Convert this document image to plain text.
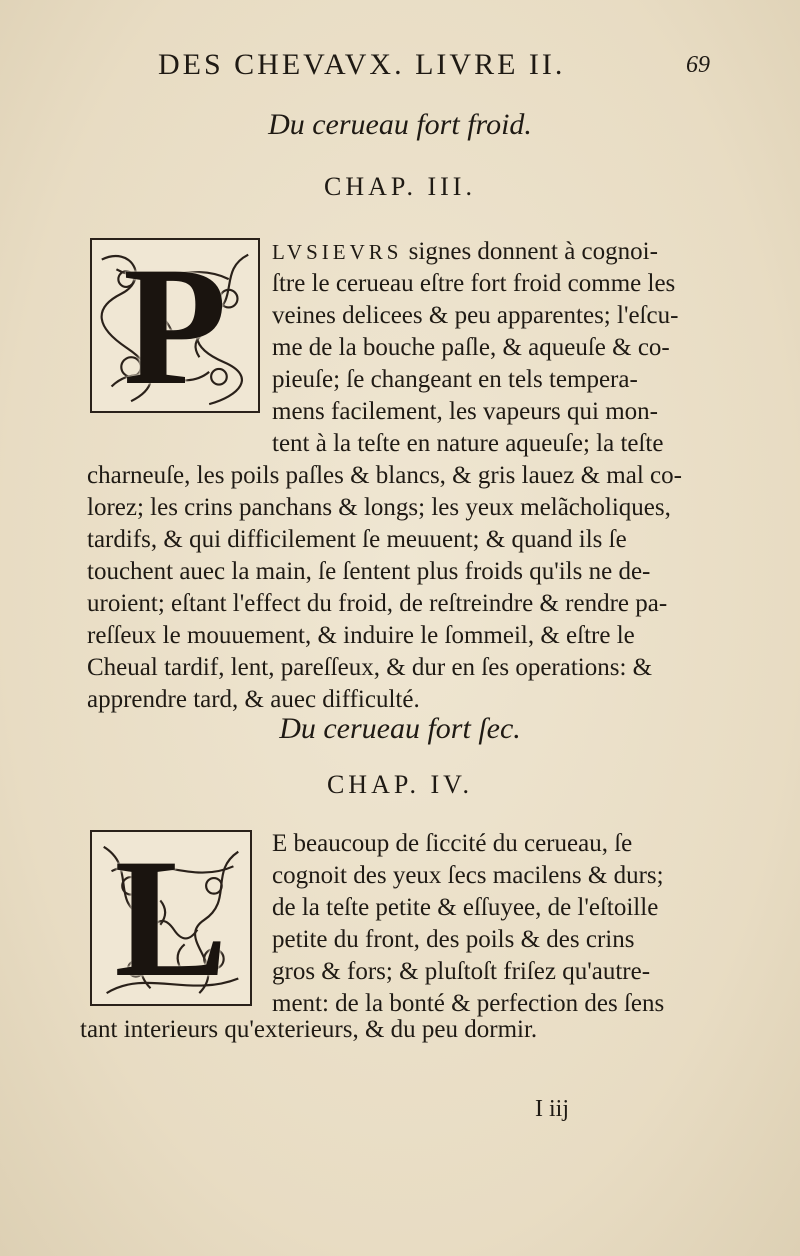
DES CHEVAVX. LIVRE II.	69
Du cerueau fort froid.
CHAP. III.
P	LVSIEVRS signes donnent à cognoi-
ſtre le cerueau eſtre fort froid comme les
veines delicees & peu apparentes; l'eſcu-
me de la bouche paſle, & aqueuſe & co-
pieuſe; ſe changeant en tels tempera-
mens facilement, les vapeurs qui mon-
tent à la teſte en nature aqueuſe; la teſte
charneuſe, les poils paſles & blancs, & gris lauez & mal co-
lorez; les crins panchans & longs; les yeux melãcholiques,
tardifs, & qui difficilement ſe meuuent; & quand ils ſe
touchent auec la main, ſe ſentent plus froids qu'ils ne de-
uroient; eſtant l'effect du froid, de reſtreindre & rendre pa-
reſſeux le mouuement, & induire le ſommeil, & eſtre le
Cheual tardif, lent, pareſſeux, & dur en ſes operations: &
apprendre tard, & auec difficulté.
Du cerueau fort ſec.
CHAP. IV.
L	E beaucoup de ſiccité du cerueau, ſe
cognoit des yeux ſecs macilens & durs;
de la teſte petite & eſſuyee, de l'eſtoille
petite du front, des poils & des crins
gros & fors; & pluſtoſt friſez qu'autre-
ment: de la bonté & perfection des ſens
tant interieurs qu'exterieurs, & du peu dormir.
I iij
